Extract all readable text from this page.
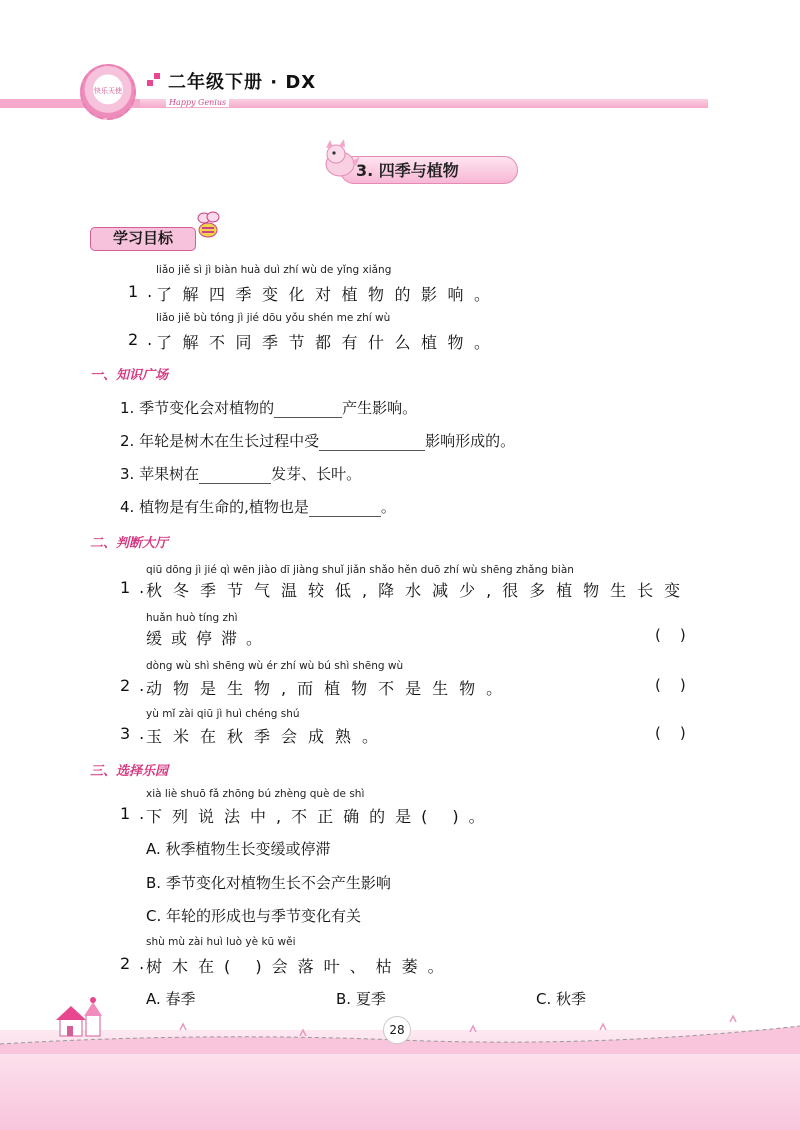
快乐天使	二年级下册 · DX
Happy Genius
3. 四季与植物
学习目标
liǎo jiě sì jì biàn huà duì zhí wù de yǐng xiǎng
1.
了解四季变化对植物的影响。
liǎo jiě bù tóng jì jié dōu yǒu shén me zhí wù
2.
了解不同季节都有什么植物。
一、知识广场
1. 季节变化会对植物的	产生影响。
2. 年轮是树木在生长过程中受	影响形成的。
3. 苹果树在	发芽、长叶。
4. 植物是有生命的,植物也是	。
二、判断大厅
qiū dōng jì jié qì wēn jiào dī jiàng shuǐ jiǎn shǎo hěn duō zhí wù shēng zhǎng biàn
1.
秋冬季节气温较低,降水减少,很多植物生长变
huǎn huò tíng zhì
缓或停滞。	(    )
dòng wù shì shēng wù ér zhí wù bú shì shēng wù
2.
动物是生物,而植物不是生物。	(    )
yù mǐ zài qiū jì huì chéng shú
3.
玉米在秋季会成熟。	(    )
三、选择乐园
xià liè shuō fǎ zhōng bú zhèng què de shì
1.
下列说法中,不正确的是( )。
A. 秋季植物生长变缓或停滞
B. 季节变化对植物生长不会产生影响
C. 年轮的形成也与季节变化有关
shù mù zài huì luò yè kū wěi
2.
树木在( )会落叶、枯萎。
A. 春季	B. 夏季	C. 秋季
28
